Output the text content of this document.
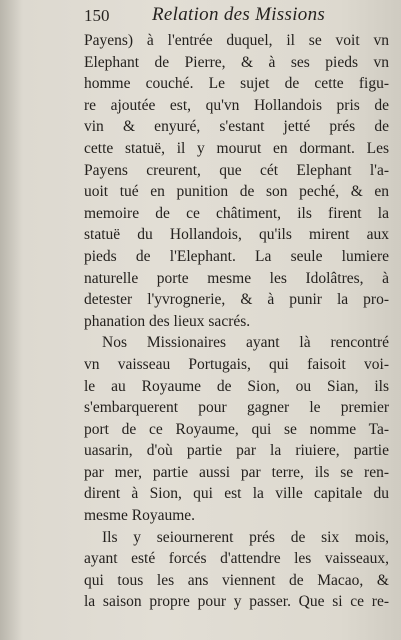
150 Relation des Missions
Payens) à l'entrée duquel, il se voit vn
Elephant de Pierre, & à ses pieds vn
homme couché. Le sujet de cette figu-
re ajoutée est, qu'vn Hollandois pris de
vin & enyuré, s'estant jetté prés de
cette statuë, il y mourut en dormant. Les
Payens creurent, que cét Elephant l'a-
uoit tué en punition de son peché, & en
memoire de ce châtiment, ils firent la
statuë du Hollandois, qu'ils mirent aux
pieds de l'Elephant. La seule lumiere
naturelle porte mesme les Idolâtres, à
detester l'yvrognerie, & à punir la pro-
phanation des lieux sacrés.
Nos Missionaires ayant là rencontré
vn vaisseau Portugais, qui faisoit voi-
le au Royaume de Sion, ou Sian, ils
s'embarquerent pour gagner le premier
port de ce Royaume, qui se nomme Ta-
uasarin, d'où partie par la riuiere, partie
par mer, partie aussi par terre, ils se ren-
dirent à Sion, qui est la ville capitale du
mesme Royaume.
Ils y seiournerent prés de six mois,
ayant esté forcés d'attendre les vaisseaux,
qui tous les ans viennent de Macao, &
la saison propre pour y passer. Que si ce re-
